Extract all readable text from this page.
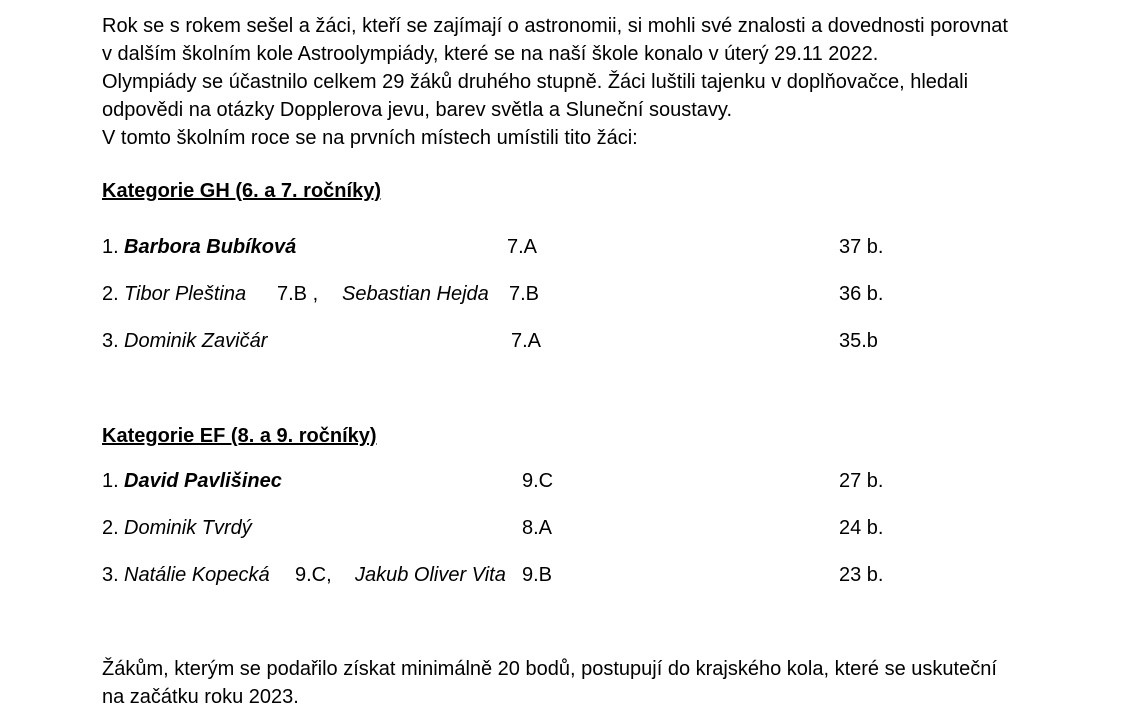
Rok se s rokem sešel a žáci, kteří se zajímají o astronomii, si mohli své znalosti a dovednosti porovnat

v dalším školním kole Astroolympiády, které se na naší škole konalo v úterý 29.11 2022.

Olympiády se účastnilo celkem 29 žáků druhého stupně. Žáci luštili tajenku v doplňovačce, hledali

odpovědi na otázky Dopplerova jevu, barev světla a Sluneční soustavy.

V tomto školním roce se na prvních místech umístili tito žáci:

Kategorie GH (6. a 7. ročníky)
1. Barbora Bubíková	7.A	37 b.
2. Tibor Pleština 7.B , Sebastian Hejda 7.B	36 b.
3. Dominik Zavičár	7.A	35.b
Kategorie EF (8. a 9. ročníky)
1. David Pavlišinec	9.C	27 b.
2. Dominik Tvrdý	8.A	24 b.
3. Natálie Kopecká 9.C, Jakub Oliver Vita 9.B	23 b.

Žákům, kterým se podařilo získat minimálně 20 bodů, postupují do krajského kola, které se uskuteční

na začátku roku 2023.
